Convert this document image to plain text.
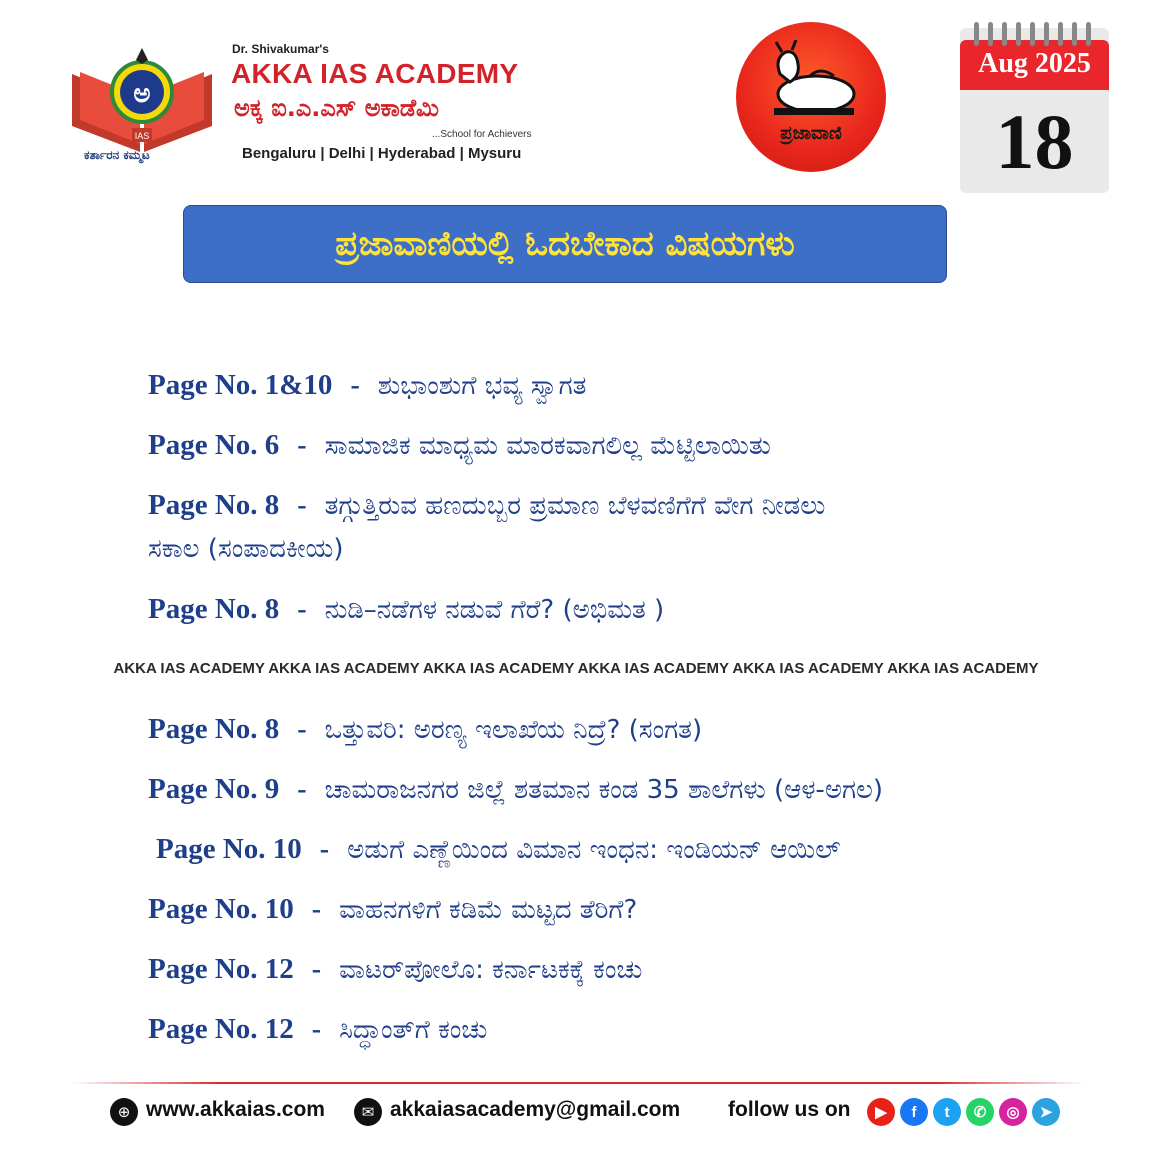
ಅ
IAS
ಕರ್ತಾರನ ಕಮ್ಮಟ
Dr. Shivakumar's
AKKA IAS ACADEMY
ಅಕ್ಕ ಐ.ಎ.ಎಸ್ ಅಕಾಡೆಮಿ
...School for Achievers
Bengaluru | Delhi | Hyderabad | Mysuru
ಪ್ರಜಾವಾಣಿ
Aug 2025
18
ಪ್ರಜಾವಾಣಿಯಲ್ಲಿ ಓದಬೇಕಾದ ವಿಷಯಗಳು
Page No. 1&10 - ಶುಭಾಂಶುಗೆ ಭವ್ಯ ಸ್ವಾಗತ
Page No. 6 - ಸಾಮಾಜಿಕ ಮಾಧ್ಯಮ ಮಾರಕವಾಗಲಿಲ್ಲ ಮೆಟ್ಟಿಲಾಯಿತು
Page No. 8 - ತಗ್ಗುತ್ತಿರುವ ಹಣದುಬ್ಬರ ಪ್ರಮಾಣ ಬೆಳವಣಿಗೆಗೆ ವೇಗ ನೀಡಲು
ಸಕಾಲ (ಸಂಪಾದಕೀಯ)
Page No. 8 - ನುಡಿ–ನಡೆಗಳ ನಡುವೆ ಗೆರೆ? (ಅಭಿಮತ )
AKKA IAS ACADEMY AKKA IAS ACADEMY AKKA IAS ACADEMY AKKA IAS ACADEMY AKKA IAS ACADEMY AKKA IAS ACADEMY
Page No. 8 - ಒತ್ತುವರಿ: ಅರಣ್ಯ ಇಲಾಖೆಯ ನಿದ್ರೆ? (ಸಂಗತ)
Page No. 9 - ಚಾಮರಾಜನಗರ ಜಿಲ್ಲೆ ಶತಮಾನ ಕಂಡ 35 ಶಾಲೆಗಳು (ಆಳ-ಅಗಲ)
Page No. 10 - ಅಡುಗೆ ಎಣ್ಣೆಯಿಂದ ವಿಮಾನ ಇಂಧನ: ಇಂಡಿಯನ್ ಆಯಿಲ್
Page No. 10 - ವಾಹನಗಳಿಗೆ ಕಡಿಮೆ ಮಟ್ಟದ ತೆರಿಗೆ?
Page No. 12 - ವಾಟರ್‌ಪೋಲೊ: ಕರ್ನಾಟಕಕ್ಕೆ ಕಂಚು
Page No. 12 - ಸಿದ್ಧಾಂತ್‌ಗೆ ಕಂಚು
⊕ www.akkaias.com	✉ akkaiasacademy@gmail.com follow us on	▶	f	t	✆	◎	➤
